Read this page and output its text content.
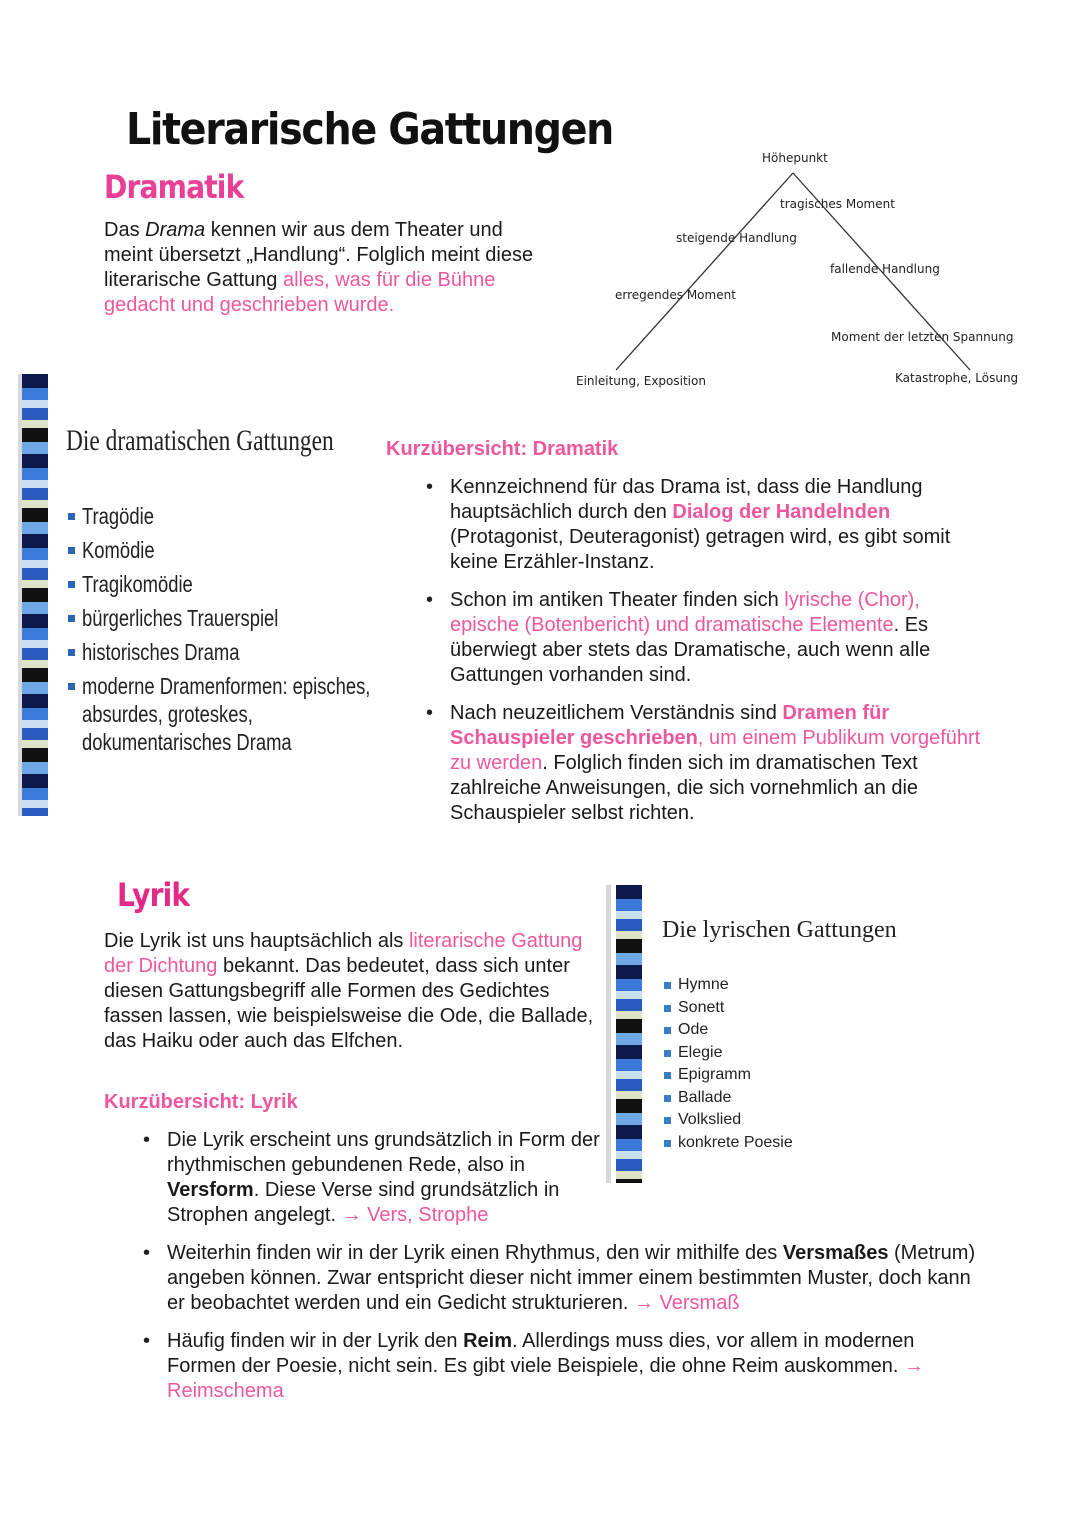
Literarische Gattungen
Dramatik
Das Drama kennen wir aus dem Theater und meint übersetzt „Handlung“. Folglich meint diese literarische Gattung alles, was für die Bühne gedacht und geschrieben wurde.
Höhepunkt
tragisches Moment
steigende Handlung
fallende Handlung
erregendes Moment
Moment der letzten Spannung
Einleitung, Exposition	Katastrophe, Lösung
Die dramatischen Gattungen
Tragödie
Komödie
Tragikomödie
bürgerliches Trauerspiel
historisches Drama
moderne Dramenformen: episches, absurdes, groteskes, dokumentarisches Drama
Kurzübersicht: Dramatik
• Kennzeichnend für das Drama ist, dass die Handlung hauptsächlich durch den Dialog der Handelnden (Protagonist, Deuteragonist) getragen wird, es gibt somit keine Erzähler-Instanz.
• Schon im antiken Theater finden sich lyrische (Chor), epische (Botenbericht) und dramatische Elemente. Es überwiegt aber stets das Dramatische, auch wenn alle Gattungen vorhanden sind.
• Nach neuzeitlichem Verständnis sind Dramen für Schauspieler geschrieben, um einem Publikum vorgeführt zu werden. Folglich finden sich im dramatischen Text zahlreiche Anweisungen, die sich vornehmlich an die Schauspieler selbst richten.
Lyrik
Die Lyrik ist uns hauptsächlich als literarische Gattung der Dichtung bekannt. Das bedeutet, dass sich unter diesen Gattungsbegriff alle Formen des Gedichtes fassen lassen, wie beispielsweise die Ode, die Ballade, das Haiku oder auch das Elfchen.
Kurzübersicht: Lyrik
Die lyrischen Gattungen
Hymne
Sonett
Ode
Elegie
Epigramm
Ballade
Volkslied
konkrete Poesie
• Die Lyrik erscheint uns grundsätzlich in Form der rhythmischen gebundenen Rede, also in Versform. Diese Verse sind grundsätzlich in Strophen angelegt. → Vers, Strophe
• Weiterhin finden wir in der Lyrik einen Rhythmus, den wir mithilfe des Versmaßes (Metrum) angeben können. Zwar entspricht dieser nicht immer einem bestimmten Muster, doch kann er beobachtet werden und ein Gedicht strukturieren. → Versmaß
• Häufig finden wir in der Lyrik den Reim. Allerdings muss dies, vor allem in modernen Formen der Poesie, nicht sein. Es gibt viele Beispiele, die ohne Reim auskommen. → Reimschema
